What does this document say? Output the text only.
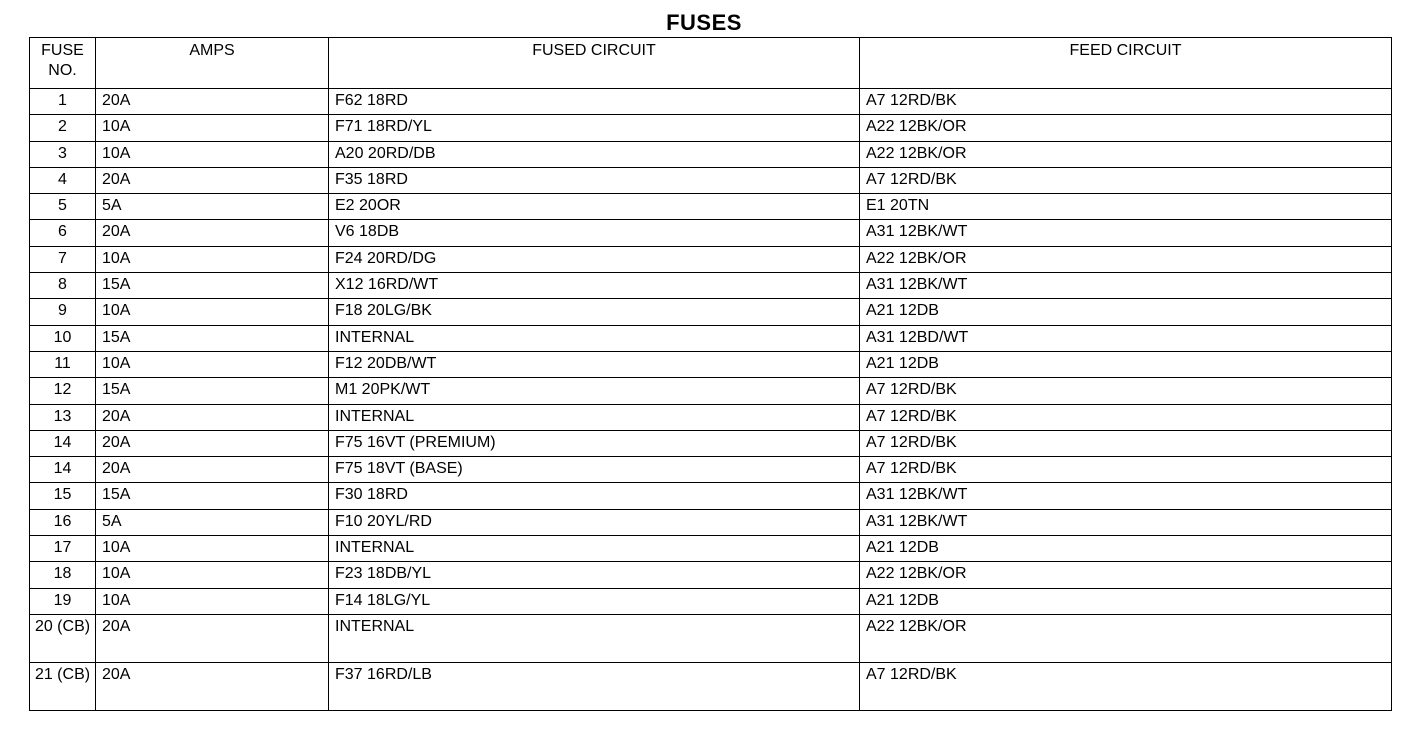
FUSES
FUSE NO.	AMPS	FUSED CIRCUIT	FEED CIRCUIT
1	20A	F62 18RD	A7 12RD/BK
2	10A	F71 18RD/YL	A22 12BK/OR
3	10A	A20 20RD/DB	A22 12BK/OR
4	20A	F35 18RD	A7 12RD/BK
5	5A	E2 20OR	E1 20TN
6	20A	V6 18DB	A31 12BK/WT
7	10A	F24 20RD/DG	A22 12BK/OR
8	15A	X12 16RD/WT	A31 12BK/WT
9	10A	F18 20LG/BK	A21 12DB
10	15A	INTERNAL	A31 12BD/WT
11	10A	F12 20DB/WT	A21 12DB
12	15A	M1 20PK/WT	A7 12RD/BK
13	20A	INTERNAL	A7 12RD/BK
14	20A	F75 16VT (PREMIUM)	A7 12RD/BK
14	20A	F75 18VT (BASE)	A7 12RD/BK
15	15A	F30 18RD	A31 12BK/WT
16	5A	F10 20YL/RD	A31 12BK/WT
17	10A	INTERNAL	A21 12DB
18	10A	F23 18DB/YL	A22 12BK/OR
19	10A	F14 18LG/YL	A21 12DB
20 (CB)	20A	INTERNAL	A22 12BK/OR
21 (CB)	20A	F37 16RD/LB	A7 12RD/BK
